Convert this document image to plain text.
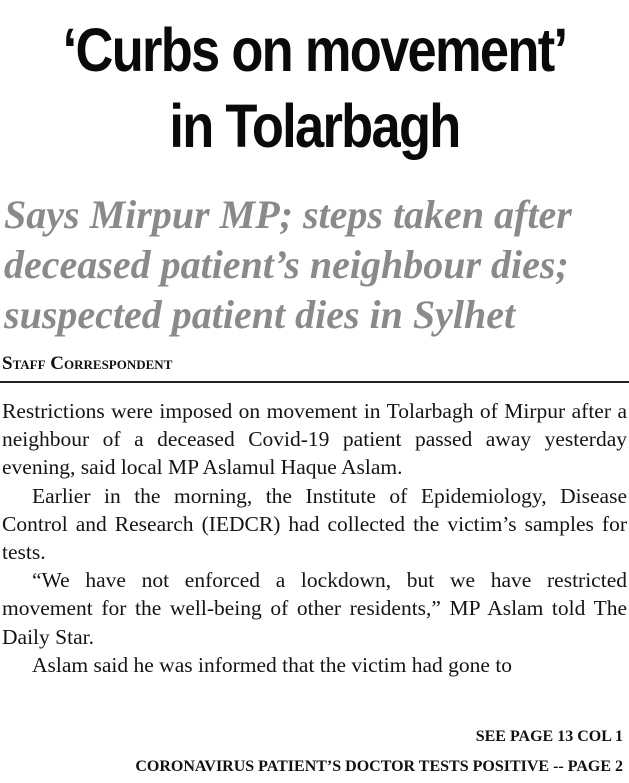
‘Curbs on movement’
in Tolarbagh
Says Mirpur MP; steps taken after
deceased patient’s neighbour dies;
suspected patient dies in Sylhet
Staff Correspondent

Restrictions were imposed on movement in Tolarbagh of Mirpur after a neighbour of a deceased Covid-19 patient passed away yesterday evening, said local MP Aslamul Haque Aslam.

Earlier in the morning, the Institute of Epidemiology, Disease Control and Research (IEDCR) had collected the victim’s samples for tests.

“We have not enforced a lockdown, but we have restricted movement for the well-being of other residents,” MP Aslam told The Daily Star.

Aslam said he was informed that the victim had gone to

SEE PAGE 13 COL 1
CORONAVIRUS PATIENT’S DOCTOR TESTS POSITIVE -- PAGE 2
